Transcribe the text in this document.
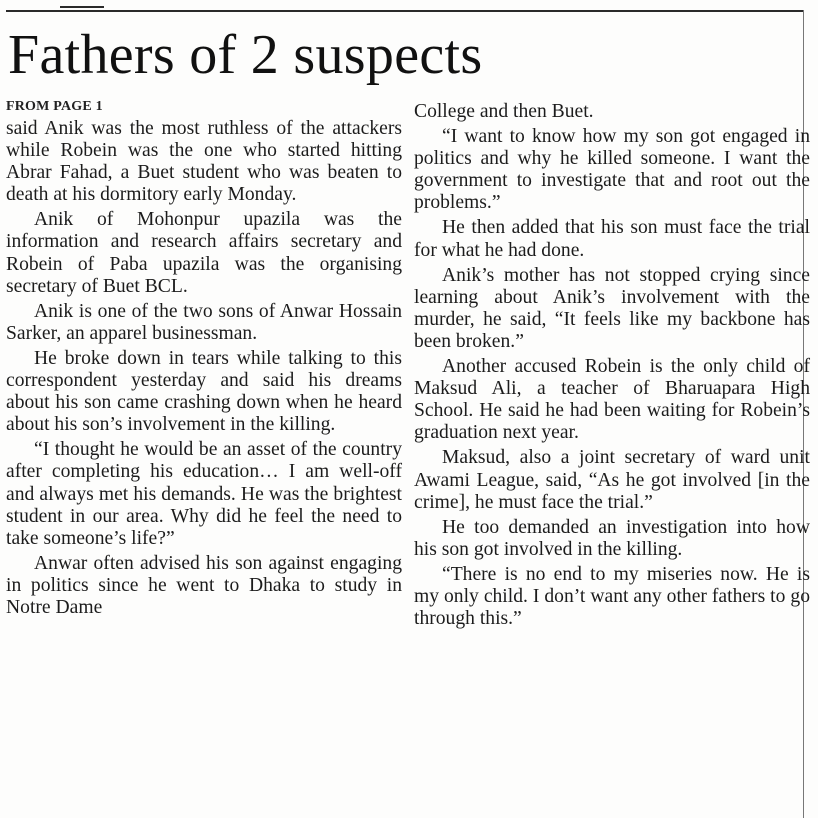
Fathers of 2 suspects
FROM PAGE 1

said Anik was the most ruthless of the attackers while Robein was the one who started hitting Abrar Fahad, a Buet student who was beaten to death at his dormitory early Monday.

Anik of Mohonpur upazila was the information and research affairs secretary and Robein of Paba upazila was the organising secretary of Buet BCL.

Anik is one of the two sons of Anwar Hossain Sarker, an apparel businessman.

He broke down in tears while talking to this correspondent yesterday and said his dreams about his son came crashing down when he heard about his son’s involvement in the killing.

“I thought he would be an asset of the country after completing his education… I am well-off and always met his demands. He was the brightest student in our area. Why did he feel the need to take someone’s life?”

Anwar often advised his son against engaging in politics since he went to Dhaka to study in Notre Dame

College and then Buet.

“I want to know how my son got engaged in politics and why he killed someone. I want the government to investigate that and root out the problems.”

He then added that his son must face the trial for what he had done.

Anik’s mother has not stopped crying since learning about Anik’s involvement with the murder, he said, “It feels like my backbone has been broken.”

Another accused Robein is the only child of Maksud Ali, a teacher of Bharuapara High School. He said he had been waiting for Robein’s graduation next year.

Maksud, also a joint secretary of ward unit Awami League, said, “As he got involved [in the crime], he must face the trial.”

He too demanded an investigation into how his son got involved in the killing.

“There is no end to my miseries now. He is my only child. I don’t want any other fathers to go through this.”
